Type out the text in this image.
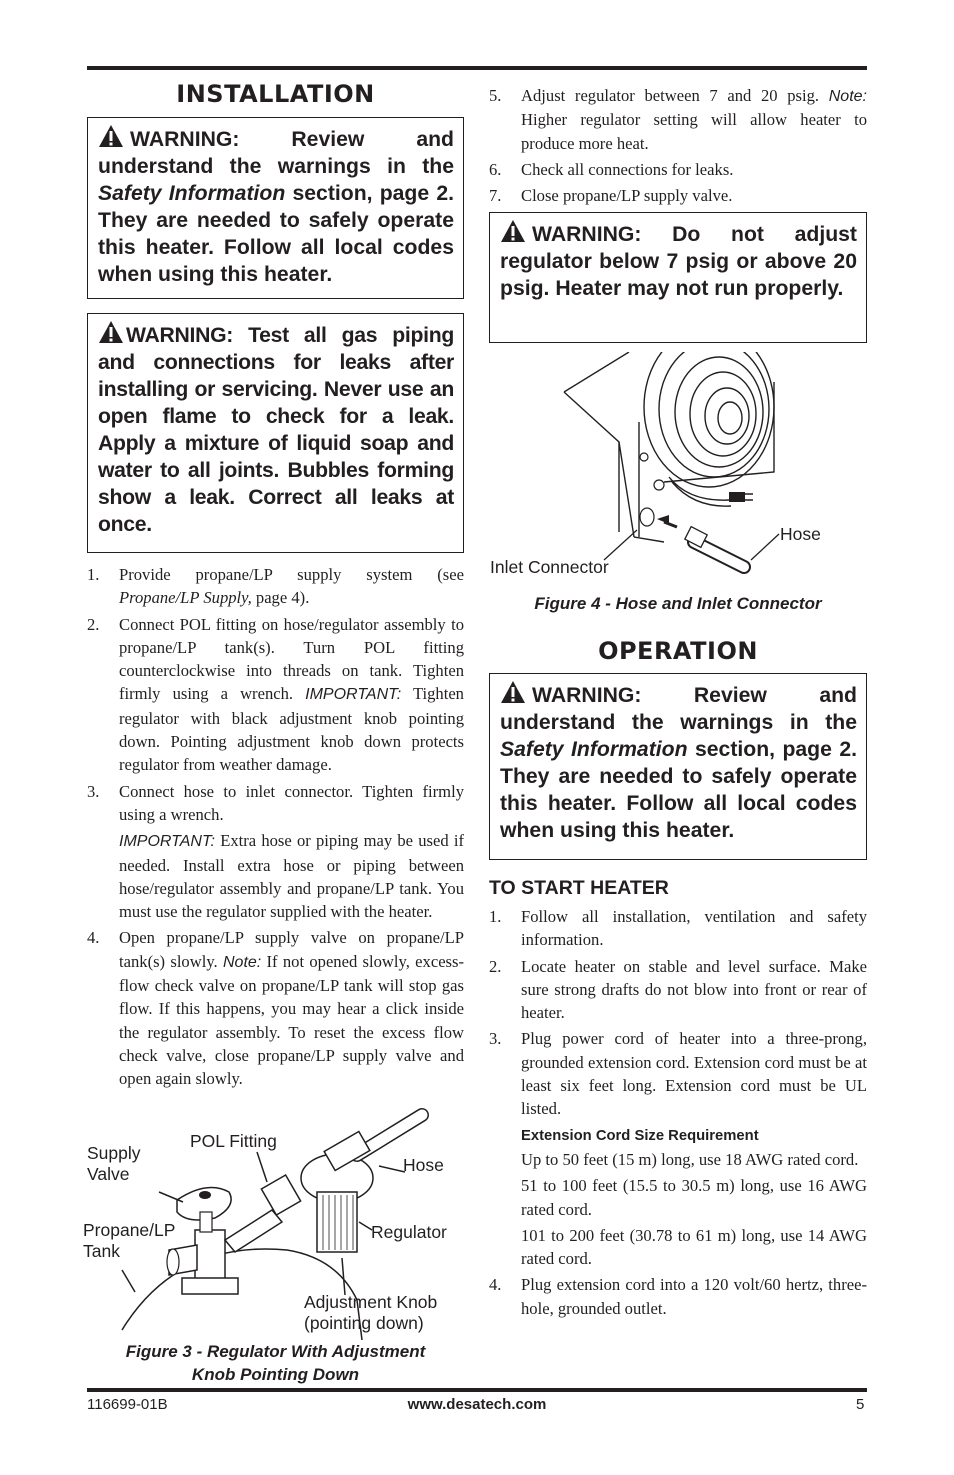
INSTALLATION
WARNING: Review and understand the warnings in the Safety Information section, page 2. They are needed to safely operate this heater. Follow all local codes when using this heater.
WARNING: Test all gas piping and connections for leaks after installing or servicing. Never use an open flame to check for a leak. Apply a mixture of liquid soap and water to all joints. Bubbles forming show a leak. Correct all leaks at once.
1. Provide propane/LP supply system (see Propane/LP Supply, page 4).
2. Connect POL fitting on hose/regulator assembly to propane/LP tank(s). Turn POL fitting counterclockwise into threads on tank. Tighten firmly using a wrench. IMPORTANT: Tighten regulator with black adjustment knob pointing down. Pointing adjustment knob down protects regulator from weather damage.
3. Connect hose to inlet connector. Tighten firmly using a wrench.
IMPORTANT: Extra hose or piping may be used if needed. Install extra hose or piping between hose/regulator assembly and propane/LP tank. You must use the regulator supplied with the heater.
4. Open propane/LP supply valve on propane/LP tank(s) slowly. Note: If not opened slowly, excess-flow check valve on propane/LP tank will stop gas flow. If this happens, you may hear a click inside the regulator assembly. To reset the excess flow check valve, close propane/LP supply valve and open again slowly.
Supply
Valve
POL Fitting
Hose
Propane/LP
Tank
Regulator
Adjustment Knob
(pointing down)
Figure 3 - Regulator With Adjustment
Knob Pointing Down
5. Adjust regulator between 7 and 20 psig. Note: Higher regulator setting will allow heater to produce more heat.
6. Check all connections for leaks.
7. Close propane/LP supply valve.
WARNING: Do not adjust regulator below 7 psig or above 20 psig. Heater may not run properly.
Hose
Inlet Connector
Figure 4 - Hose and Inlet Connector
OPERATION
WARNING: Review and understand the warnings in the Safety Information section, page 2. They are needed to safely operate this heater. Follow all local codes when using this heater.
TO START HEATER
1. Follow all installation, ventilation and safety information.
2. Locate heater on stable and level surface. Make sure strong drafts do not blow into front or rear of heater.
3. Plug power cord of heater into a three-prong, grounded extension cord. Extension cord must be at least six feet long. Extension cord must be UL listed.
Extension Cord Size Requirement
Up to 50 feet (15 m) long, use 18 AWG rated cord.
51 to 100 feet (15.5 to 30.5 m) long, use 16 AWG rated cord.
101 to 200 feet (30.78 to 61 m) long, use 14 AWG rated cord.
4. Plug extension cord into a 120 volt/60 hertz, three-hole, grounded outlet.
116699-01B	www.desatech.com	5
